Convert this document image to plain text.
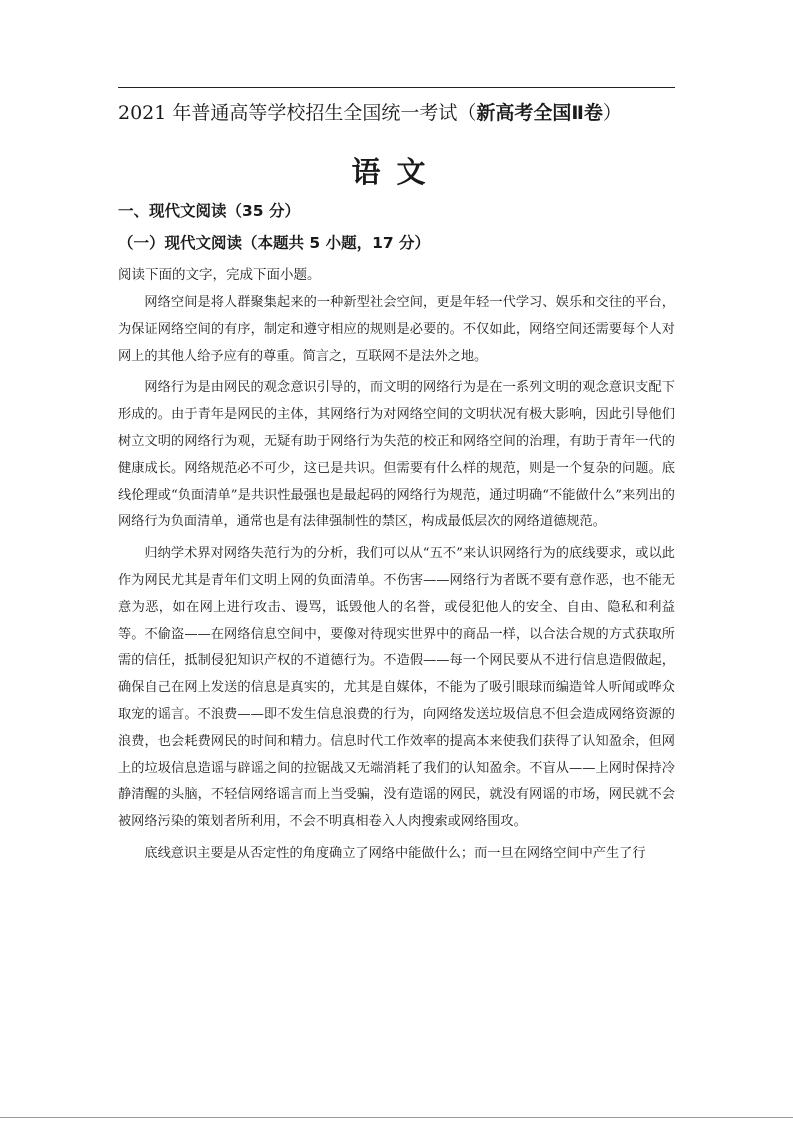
2021 年普通高等学校招生全国统一考试（新高考全国Ⅱ卷）
语文
一、现代文阅读（35 分）
（一）现代文阅读（本题共 5 小题，17 分）
阅读下面的文字，完成下面小题。

网络空间是将人群聚集起来的一种新型社会空间，更是年轻一代学习、娱乐和交往的平台，为保证网络空间的有序，制定和遵守相应的规则是必要的。不仅如此，网络空间还需要每个人对网上的其他人给予应有的尊重。简言之，互联网不是法外之地。

网络行为是由网民的观念意识引导的，而文明的网络行为是在一系列文明的观念意识支配下形成的。由于青年是网民的主体，其网络行为对网络空间的文明状况有极大影响，因此引导他们树立文明的网络行为观，无疑有助于网络行为失范的校正和网络空间的治理，有助于青年一代的健康成长。网络规范必不可少，这已是共识。但需要有什么样的规范，则是一个复杂的问题。底线伦理或“负面清单”是共识性最强也是最起码的网络行为规范，通过明确“不能做什么”来列出的网络行为负面清单，通常也是有法律强制性的禁区，构成最低层次的网络道德规范。

归纳学术界对网络失范行为的分析，我们可以从“五不”来认识网络行为的底线要求，或以此作为网民尤其是青年们文明上网的负面清单。不伤害——网络行为者既不要有意作恶，也不能无意为恶，如在网上进行攻击、谩骂，诋毁他人的名誉，或侵犯他人的安全、自由、隐私和利益等。不偷盗——在网络信息空间中，要像对待现实世界中的商品一样，以合法合规的方式获取所需的信任，抵制侵犯知识产权的不道德行为。不造假——每一个网民要从不进行信息造假做起，确保自己在网上发送的信息是真实的，尤其是自媒体，不能为了吸引眼球而编造耸人听闻或哗众取宠的谣言。不浪费——即不发生信息浪费的行为，向网络发送垃圾信息不但会造成网络资源的浪费，也会耗费网民的时间和精力。信息时代工作效率的提高本来使我们获得了认知盈余，但网上的垃圾信息造谣与辟谣之间的拉锯战又无端消耗了我们的认知盈余。不盲从——上网时保持冷静清醒的头脑，不轻信网络谣言而上当受骗，没有造谣的网民，就没有网谣的市场，网民就不会被网络污染的策划者所利用，不会不明真相卷入人肉搜索或网络围攻。

底线意识主要是从否定性的角度确立了网络中能做什么；而一旦在网络空间中产生了行
